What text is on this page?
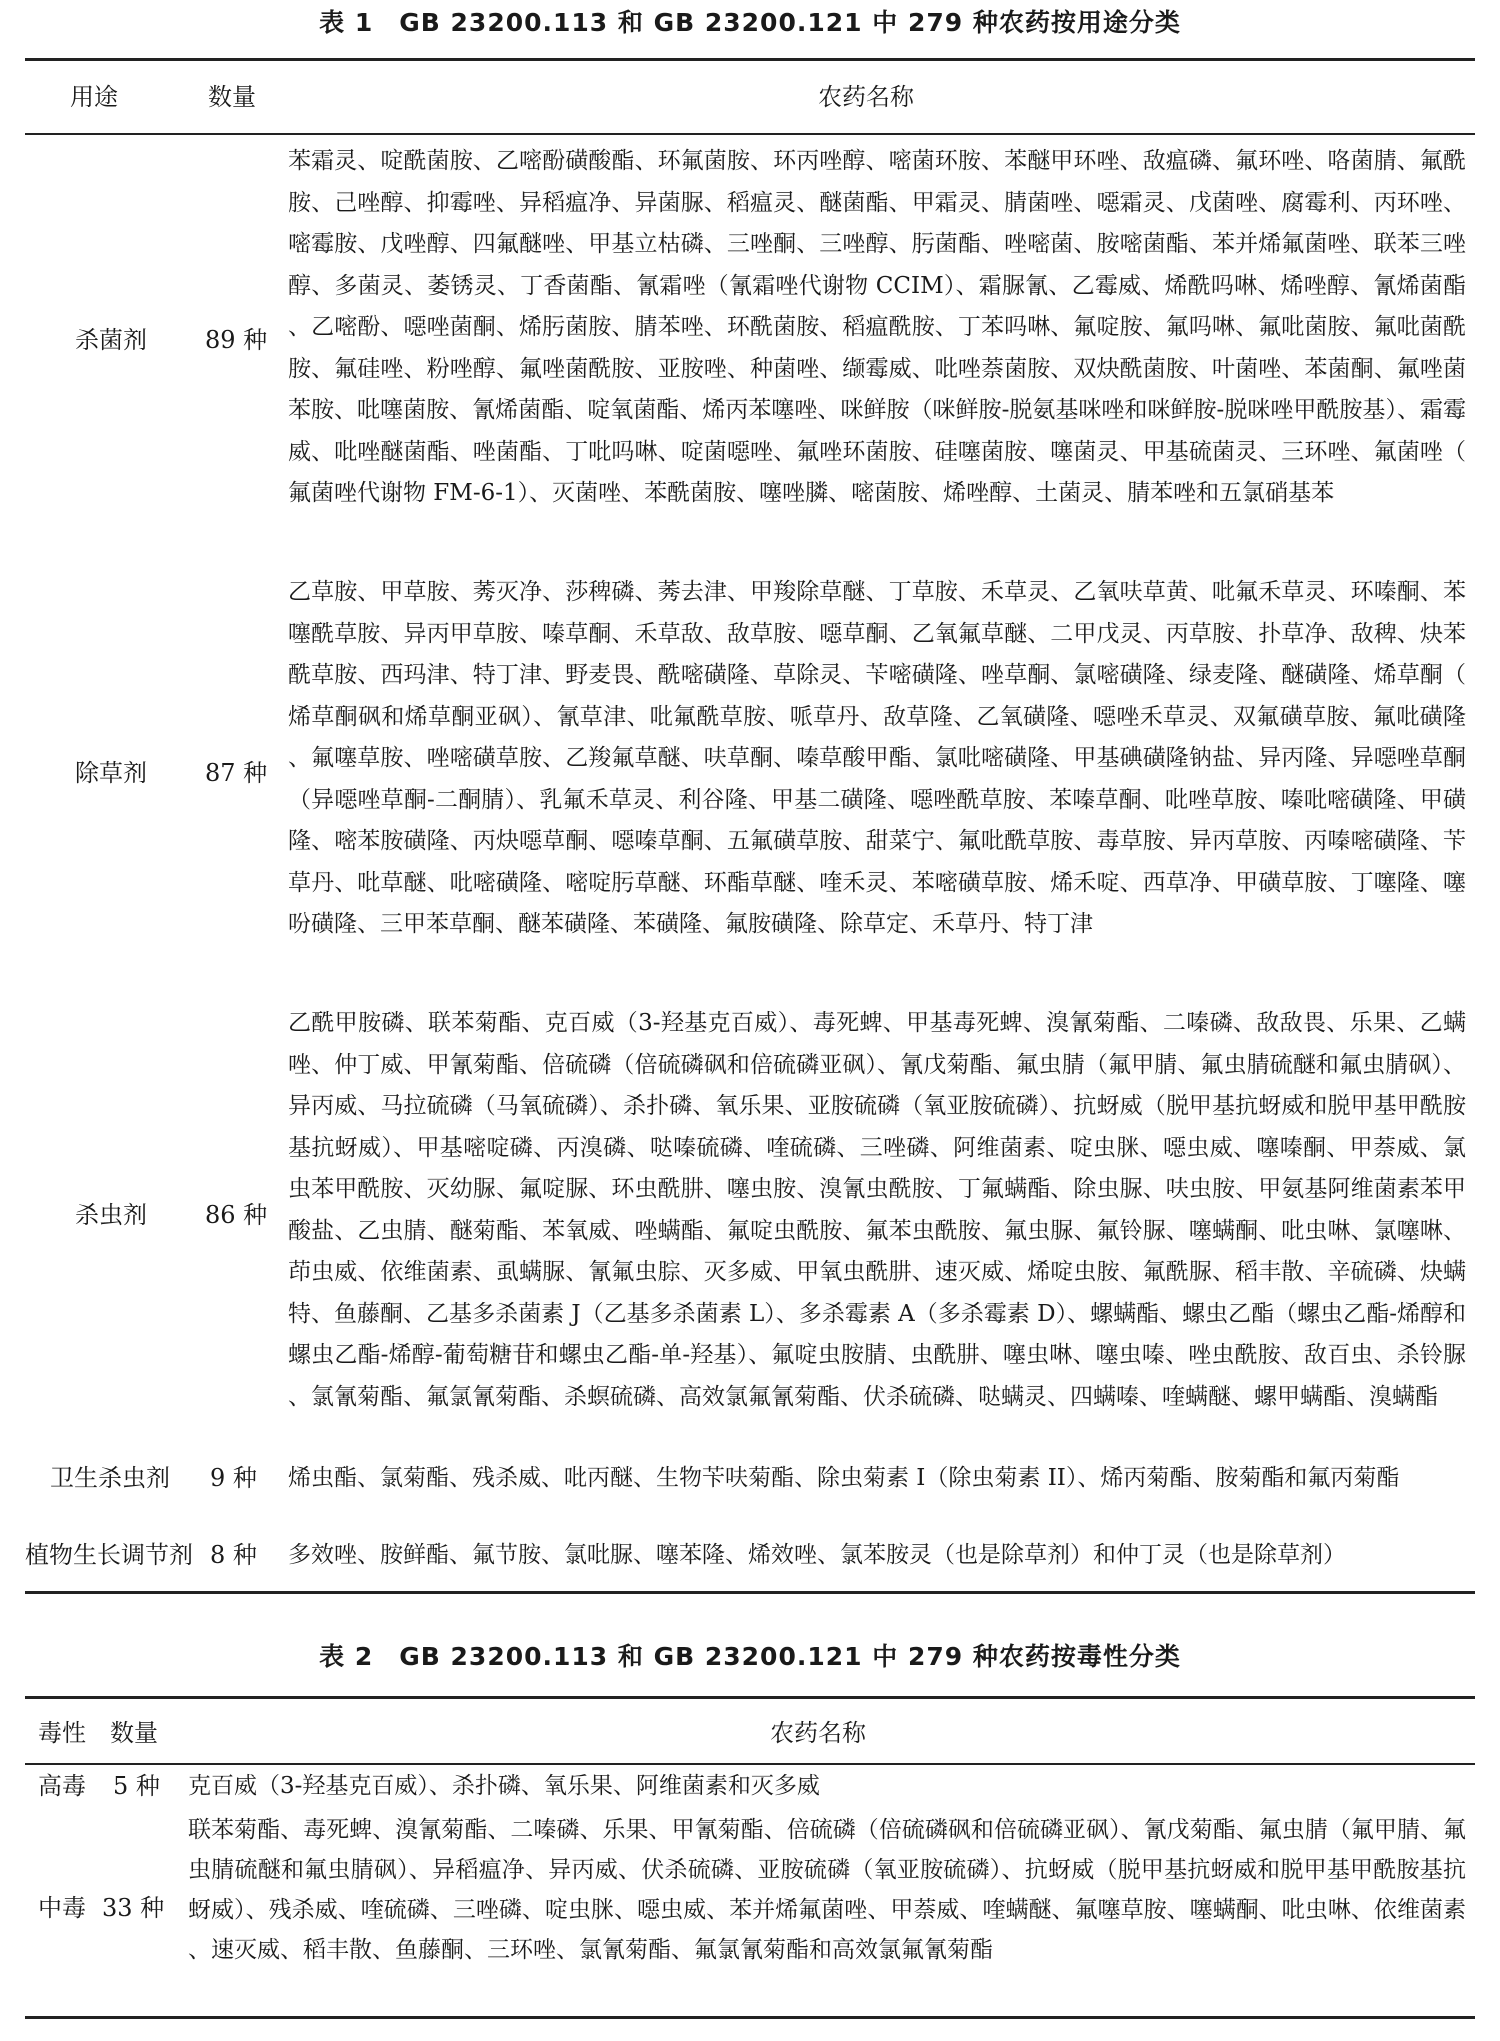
表 1　GB 23200.113 和 GB 23200.121 中 279 种农药按用途分类
用途	数量	农药名称
杀菌剂 89 种
苯霜灵、啶酰菌胺、乙嘧酚磺酸酯、环氟菌胺、环丙唑醇、嘧菌环胺、苯醚甲环唑、敌瘟磷、氟环唑、咯菌腈、氟酰胺、己唑醇、抑霉唑、异稻瘟净、异菌脲、稻瘟灵、醚菌酯、甲霜灵、腈菌唑、噁霜灵、戊菌唑、腐霉利、丙环唑、嘧霉胺、戊唑醇、四氟醚唑、甲基立枯磷、三唑酮、三唑醇、肟菌酯、唑嘧菌、胺嘧菌酯、苯并烯氟菌唑、联苯三唑醇、多菌灵、萎锈灵、丁香菌酯、氰霜唑（氰霜唑代谢物 CCIM）、霜脲氰、乙霉威、烯酰吗啉、烯唑醇、氰烯菌酯、乙嘧酚、噁唑菌酮、烯肟菌胺、腈苯唑、环酰菌胺、稻瘟酰胺、丁苯吗啉、氟啶胺、氟吗啉、氟吡菌胺、氟吡菌酰胺、氟硅唑、粉唑醇、氟唑菌酰胺、亚胺唑、种菌唑、缬霉威、吡唑萘菌胺、双炔酰菌胺、叶菌唑、苯菌酮、氟唑菌苯胺、吡噻菌胺、氰烯菌酯、啶氧菌酯、烯丙苯噻唑、咪鲜胺（咪鲜胺-脱氨基咪唑和咪鲜胺-脱咪唑甲酰胺基）、霜霉威、吡唑醚菌酯、唑菌酯、丁吡吗啉、啶菌噁唑、氟唑环菌胺、硅噻菌胺、噻菌灵、甲基硫菌灵、三环唑、氟菌唑（氟菌唑代谢物 FM-6-1）、灭菌唑、苯酰菌胺、噻唑膦、嘧菌胺、烯唑醇、土菌灵、腈苯唑和五氯硝基苯
除草剂 87 种
乙草胺、甲草胺、莠灭净、莎稗磷、莠去津、甲羧除草醚、丁草胺、禾草灵、乙氧呋草黄、吡氟禾草灵、环嗪酮、苯噻酰草胺、异丙甲草胺、嗪草酮、禾草敌、敌草胺、噁草酮、乙氧氟草醚、二甲戊灵、丙草胺、扑草净、敌稗、炔苯酰草胺、西玛津、特丁津、野麦畏、酰嘧磺隆、草除灵、苄嘧磺隆、唑草酮、氯嘧磺隆、绿麦隆、醚磺隆、烯草酮（烯草酮砜和烯草酮亚砜）、氰草津、吡氟酰草胺、哌草丹、敌草隆、乙氧磺隆、噁唑禾草灵、双氟磺草胺、氟吡磺隆、氟噻草胺、唑嘧磺草胺、乙羧氟草醚、呋草酮、嗪草酸甲酯、氯吡嘧磺隆、甲基碘磺隆钠盐、异丙隆、异噁唑草酮（异噁唑草酮-二酮腈）、乳氟禾草灵、利谷隆、甲基二磺隆、噁唑酰草胺、苯嗪草酮、吡唑草胺、嗪吡嘧磺隆、甲磺隆、嘧苯胺磺隆、丙炔噁草酮、噁嗪草酮、五氟磺草胺、甜菜宁、氟吡酰草胺、毒草胺、异丙草胺、丙嗪嘧磺隆、苄草丹、吡草醚、吡嘧磺隆、嘧啶肟草醚、环酯草醚、喹禾灵、苯嘧磺草胺、烯禾啶、西草净、甲磺草胺、丁噻隆、噻吩磺隆、三甲苯草酮、醚苯磺隆、苯磺隆、氟胺磺隆、除草定、禾草丹、特丁津
杀虫剂 86 种
乙酰甲胺磷、联苯菊酯、克百威（3-羟基克百威）、毒死蜱、甲基毒死蜱、溴氰菊酯、二嗪磷、敌敌畏、乐果、乙螨唑、仲丁威、甲氰菊酯、倍硫磷（倍硫磷砜和倍硫磷亚砜）、氰戊菊酯、氟虫腈（氟甲腈、氟虫腈硫醚和氟虫腈砜）、异丙威、马拉硫磷（马氧硫磷）、杀扑磷、氧乐果、亚胺硫磷（氧亚胺硫磷）、抗蚜威（脱甲基抗蚜威和脱甲基甲酰胺基抗蚜威）、甲基嘧啶磷、丙溴磷、哒嗪硫磷、喹硫磷、三唑磷、阿维菌素、啶虫脒、噁虫威、噻嗪酮、甲萘威、氯虫苯甲酰胺、灭幼脲、氟啶脲、环虫酰肼、噻虫胺、溴氰虫酰胺、丁氟螨酯、除虫脲、呋虫胺、甲氨基阿维菌素苯甲酸盐、乙虫腈、醚菊酯、苯氧威、唑螨酯、氟啶虫酰胺、氟苯虫酰胺、氟虫脲、氟铃脲、噻螨酮、吡虫啉、氯噻啉、茚虫威、依维菌素、虱螨脲、氰氟虫腙、灭多威、甲氧虫酰肼、速灭威、烯啶虫胺、氟酰脲、稻丰散、辛硫磷、炔螨特、鱼藤酮、乙基多杀菌素 J（乙基多杀菌素 L）、多杀霉素 A（多杀霉素 D）、螺螨酯、螺虫乙酯（螺虫乙酯-烯醇和螺虫乙酯-烯醇-葡萄糖苷和螺虫乙酯-单-羟基）、氟啶虫胺腈、虫酰肼、噻虫啉、噻虫嗪、唑虫酰胺、敌百虫、杀铃脲、氯氰菊酯、氟氯氰菊酯、杀螟硫磷、高效氯氟氰菊酯、伏杀硫磷、哒螨灵、四螨嗪、喹螨醚、螺甲螨酯、溴螨酯
卫生杀虫剂 9 种 烯虫酯、氯菊酯、残杀威、吡丙醚、生物苄呋菊酯、除虫菊素 I（除虫菊素 II）、烯丙菊酯、胺菊酯和氟丙菊酯
植物生长调节剂 8 种 多效唑、胺鲜酯、氟节胺、氯吡脲、噻苯隆、烯效唑、氯苯胺灵（也是除草剂）和仲丁灵（也是除草剂）
表 2　GB 23200.113 和 GB 23200.121 中 279 种农药按毒性分类
毒性 数量	农药名称
高毒 5 种 克百威（3-羟基克百威）、杀扑磷、氧乐果、阿维菌素和灭多威
中毒 33 种
联苯菊酯、毒死蜱、溴氰菊酯、二嗪磷、乐果、甲氰菊酯、倍硫磷（倍硫磷砜和倍硫磷亚砜）、氰戊菊酯、氟虫腈（氟甲腈、氟虫腈硫醚和氟虫腈砜）、异稻瘟净、异丙威、伏杀硫磷、亚胺硫磷（氧亚胺硫磷）、抗蚜威（脱甲基抗蚜威和脱甲基甲酰胺基抗蚜威）、残杀威、喹硫磷、三唑磷、啶虫脒、噁虫威、苯并烯氟菌唑、甲萘威、喹螨醚、氟噻草胺、噻螨酮、吡虫啉、依维菌素、速灭威、稻丰散、鱼藤酮、三环唑、氯氰菊酯、氟氯氰菊酯和高效氯氟氰菊酯
